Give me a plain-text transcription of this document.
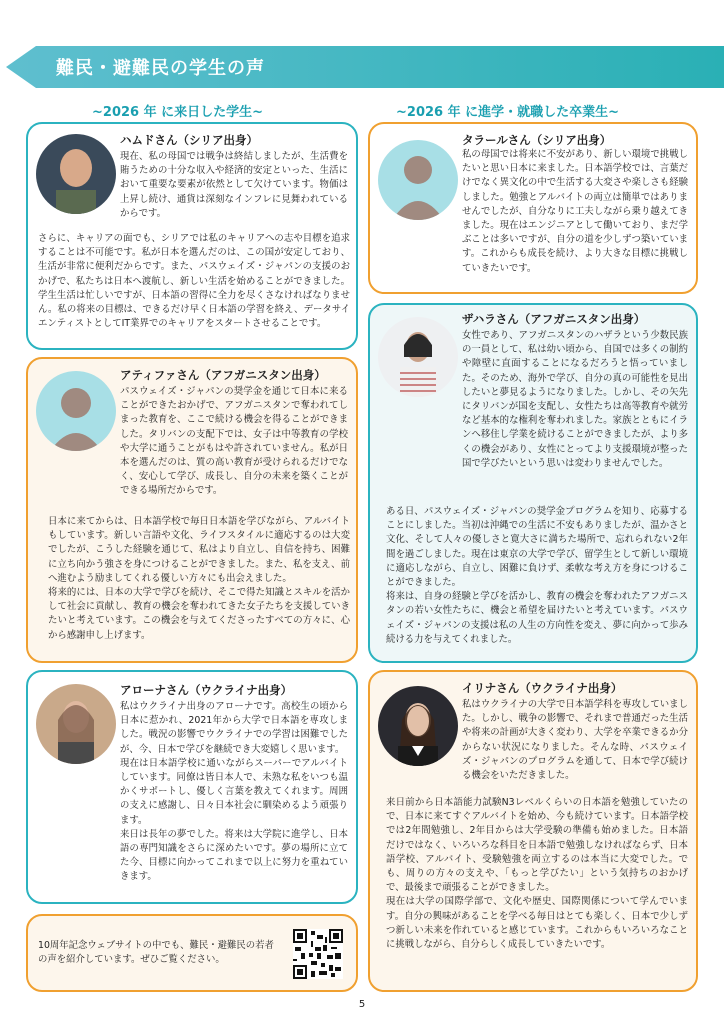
難民・避難民の学生の声
~2026 年 に来日した学生~	~2026 年 に進学・就職した卒業生~
ハムドさん（シリア出身）
現在、私の母国では戦争は終結しましたが、生活費を賄うための十分な収入や経済的安定といった、生活において重要な要素が依然として欠けています。物価は上昇し続け、通貨は深刻なインフレに見舞われているからです。
さらに、キャリアの面でも、シリアでは私のキャリアへの志や目標を追求することは不可能です。私が日本を選んだのは、この国が安定しており、生活が非常に便利だからです。また、パスウェイズ・ジャパンの支援のおかげで、私たちは日本へ渡航し、新しい生活を始めることができました。学生生活は忙しいですが、日本語の習得に全力を尽くさなければなりません。私の将来の目標は、できるだけ早く日本語の学習を終え、データサイエンティストとしてIT業界でのキャリアをスタートさせることです。
アティファさん（アフガニスタン出身）
パスウェイズ・ジャパンの奨学金を通じて日本に来ることができたおかげで、アフガニスタンで奪われてしまった教育を、ここで続ける機会を得ることができました。タリバンの支配下では、女子は中等教育の学校や大学に通うことがもはや許されていません。私が日本を選んだのは、質の高い教育が受けられるだけでなく、安心して学び、成長し、自分の未来を築くことができる場所だからです。

日本に来てからは、日本語学校で毎日日本語を学びながら、アルバイトもしています。新しい言語や文化、ライフスタイルに適応するのは大変でしたが、こうした経験を通じて、私はより自立し、自信を持ち、困難に立ち向かう強さを身につけることができました。また、私を支え、前へ進むよう励ましてくれる優しい方々にも出会えました。

将来的には、日本の大学で学びを続け、そこで得た知識とスキルを活かして社会に貢献し、教育の機会を奪われてきた女子たちを支援していきたいと考えています。この機会を与えてくださったすべての方々に、心から感謝申し上げます。

アローナさん（ウクライナ出身）

私はウクライナ出身のアローナです。高校生の頃から日本に惹かれ、2021年から大学で日本語を専攻しました。戦況の影響でウクライナでの学習は困難でしたが、今、日本で学びを継続でき大変嬉しく思います。

現在は日本語学校に通いながらスーパーでアルバイトしています。同僚は皆日本人で、未熟な私をいつも温かくサポートし、優しく言葉を教えてくれます。周囲の支えに感謝し、日々日本社会に馴染めるよう頑張ります。

来日は長年の夢でした。将来は大学院に進学し、日本語の専門知識をさらに深めたいです。夢の場所に立てた今、目標に向かってこれまで以上に努力を重ねていきます。

10周年記念ウェブサイトの中でも、難民・避難民の若者の声を紹介しています。ぜひご覧ください。
タラールさん（シリア出身）
私の母国では将来に不安があり、新しい環境で挑戦したいと思い日本に来ました。日本語学校では、言葉だけでなく異文化の中で生活する大変さや楽しさも経験しました。勉強とアルバイトの両立は簡単ではありませんでしたが、自分なりに工夫しながら乗り越えてきました。現在はエンジニアとして働いており、まだ学ぶことは多いですが、自分の道を少しずつ築いています。これからも成長を続け、より大きな目標に挑戦していきたいです。
ザハラさん（アフガニスタン出身）
女性であり、アフガニスタンのハザラという少数民族の一員として、私は幼い頃から、自国では多くの制約や障壁に直面することになるだろうと悟っていました。そのため、海外で学び、自分の真の可能性を見出したいと夢見るようになりました。しかし、その矢先にタリバンが国を支配し、女性たちは高等教育や就労など基本的な権利を奪われました。家族とともにイランへ移住し学業を続けることができましたが、より多くの機会があり、女性にとってより支援環境が整った国で学びたいという思いは変わりませんでした。

ある日、パスウェイズ・ジャパンの奨学金プログラムを知り、応募することにしました。当初は沖縄での生活に不安もありましたが、温かさと文化、そして人々の優しさと寛大さに満ちた場所で、忘れられない2年間を過ごしました。現在は東京の大学で学び、留学生として新しい環境に適応しながら、自立し、困難に負けず、柔軟な考え方を身につけることができました。

将来は、自身の経験と学びを活かし、教育の機会を奪われたアフガニスタンの若い女性たちに、機会と希望を届けたいと考えています。パスウェイズ・ジャパンの支援は私の人生の方向性を変え、夢に向かって歩み続ける力を与えてくれました。

イリナさん（ウクライナ出身）
私はウクライナの大学で日本語学科を専攻していました。しかし、戦争の影響で、それまで普通だった生活や将来の計画が大きく変わり、大学を卒業できるか分からない状況になりました。そんな時、パスウェイズ・ジャパンのプログラムを通して、日本で学び続ける機会をいただきました。

来日前から日本語能力試験N3レベルくらいの日本語を勉強していたので、日本に来てすぐアルバイトを始め、今も続けています。日本語学校では2年間勉強し、2年目からは大学受験の準備も始めました。日本語だけではなく、いろいろな科目を日本語で勉強しなければならず、日本語学校、アルバイト、受験勉強を両立するのは本当に大変でした。でも、周りの方々の支えや、「もっと学びたい」という気持ちのおかげで、最後まで頑張ることができました。

現在は大学の国際学部で、文化や歴史、国際関係について学んでいます。自分の興味があることを学べる毎日はとても楽しく、日本で少しずつ新しい未来を作れていると感じています。これからもいろいろなことに挑戦しながら、自分らしく成長していきたいです。

5
